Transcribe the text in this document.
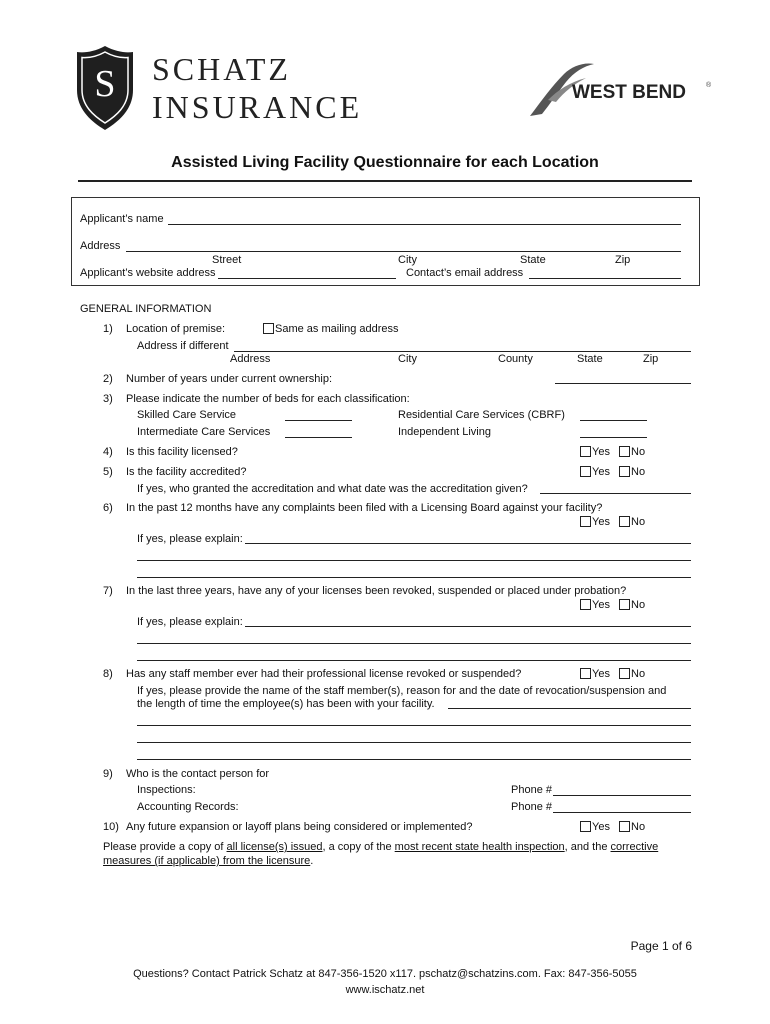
S	SCHATZ
INSURANCE	WEST BEND	®
Assisted Living Facility Questionnaire for each Location
Applicant’s name
Address
Street	City	State	Zip
Applicant’s website address	Contact’s email address
GENERAL INFORMATION
1) Location of premise:	Same as mailing address
Address if different
Address	City	County	State	Zip
2) Number of years under current ownership:
3) Please indicate the number of beds for each classification:
Skilled Care Service	Residential Care Services (CBRF)
Intermediate Care Services	Independent Living
4) Is this facility licensed?	Yes No
5) Is the facility accredited?	Yes No
If yes, who granted the accreditation and what date was the accreditation given?
6) In the past 12 months have any complaints been filed with a Licensing Board against your facility?
Yes No
If yes, please explain:
7) In the last three years, have any of your licenses been revoked, suspended or placed under probation?
Yes No
If yes, please explain:
8) Has any staff member ever had their professional license revoked or suspended?	Yes No
If yes, please provide the name of the staff member(s), reason for and the date of revocation/suspension and
the length of time the employee(s) has been with your facility.
9) Who is the contact person for
Inspections:	Phone #
Accounting Records:	Phone #
10) Any future expansion or layoff plans being considered or implemented?	Yes No
Please provide a copy of all license(s) issued, a copy of the most recent state health inspection, and the corrective
measures (if applicable) from the licensure.
Page 1 of 6
Questions? Contact Patrick Schatz at 847-356-1520 x117. pschatz@schatzins.com. Fax: 847-356-5055
www.ischatz.net
